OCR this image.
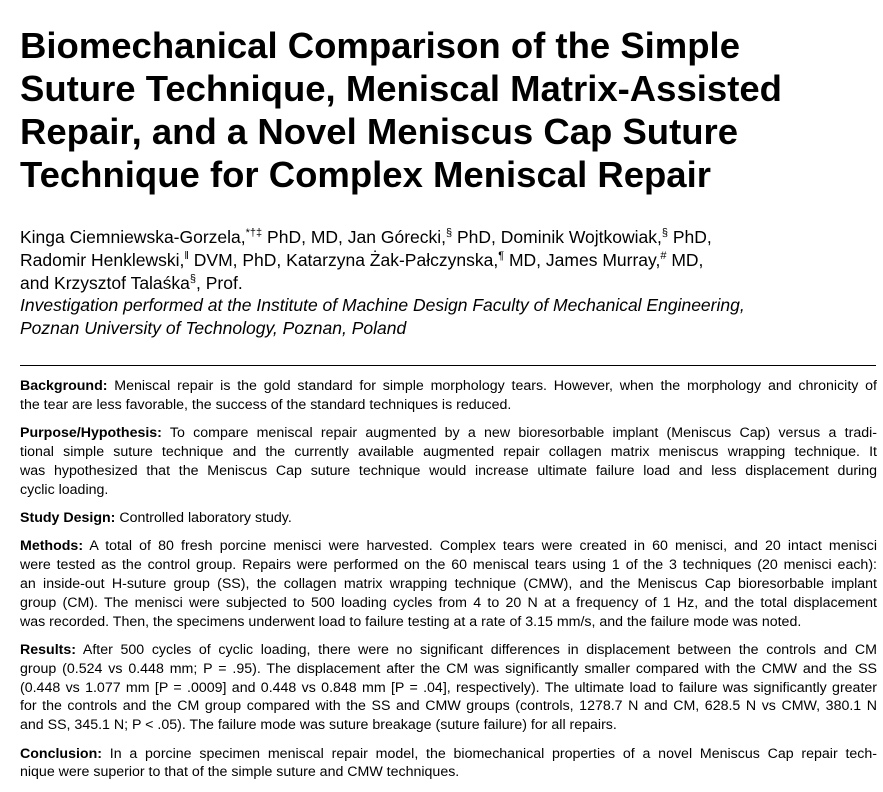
Biomechanical Comparison of the Simple
Suture Technique, Meniscal Matrix-Assisted
Repair, and a Novel Meniscus Cap Suture
Technique for Complex Meniscal Repair
Kinga Ciemniewska-Gorzela,*†‡ PhD, MD, Jan Górecki,§ PhD, Dominik Wojtkowiak,§ PhD,
Radomir Henklewski,‖ DVM, PhD, Katarzyna Żak-Pałczynska,¶ MD, James Murray,# MD,
and Krzysztof Talaśka§, Prof.
Investigation performed at the Institute of Machine Design Faculty of Mechanical Engineering,
Poznan University of Technology, Poznan, Poland
Background: Meniscal repair is the gold standard for simple morphology tears. However, when the morphology and chronicity of
the tear are less favorable, the success of the standard techniques is reduced.
Purpose/Hypothesis: To compare meniscal repair augmented by a new bioresorbable implant (Meniscus Cap) versus a tradi-
tional simple suture technique and the currently available augmented repair collagen matrix meniscus wrapping technique. It
was hypothesized that the Meniscus Cap suture technique would increase ultimate failure load and less displacement during
cyclic loading.
Study Design: Controlled laboratory study.
Methods: A total of 80 fresh porcine menisci were harvested. Complex tears were created in 60 menisci, and 20 intact menisci
were tested as the control group. Repairs were performed on the 60 meniscal tears using 1 of the 3 techniques (20 menisci each):
an inside-out H-suture group (SS), the collagen matrix wrapping technique (CMW), and the Meniscus Cap bioresorbable implant
group (CM). The menisci were subjected to 500 loading cycles from 4 to 20 N at a frequency of 1 Hz, and the total displacement
was recorded. Then, the specimens underwent load to failure testing at a rate of 3.15 mm/s, and the failure mode was noted.
Results: After 500 cycles of cyclic loading, there were no significant differences in displacement between the controls and CM
group (0.524 vs 0.448 mm; P = .95). The displacement after the CM was significantly smaller compared with the CMW and the SS
(0.448 vs 1.077 mm [P = .0009] and 0.448 vs 0.848 mm [P = .04], respectively). The ultimate load to failure was significantly greater
for the controls and the CM group compared with the SS and CMW groups (controls, 1278.7 N and CM, 628.5 N vs CMW, 380.1 N
and SS, 345.1 N; P < .05). The failure mode was suture breakage (suture failure) for all repairs.
Conclusion: In a porcine specimen meniscal repair model, the biomechanical properties of a novel Meniscus Cap repair tech-
nique were superior to that of the simple suture and CMW techniques.
